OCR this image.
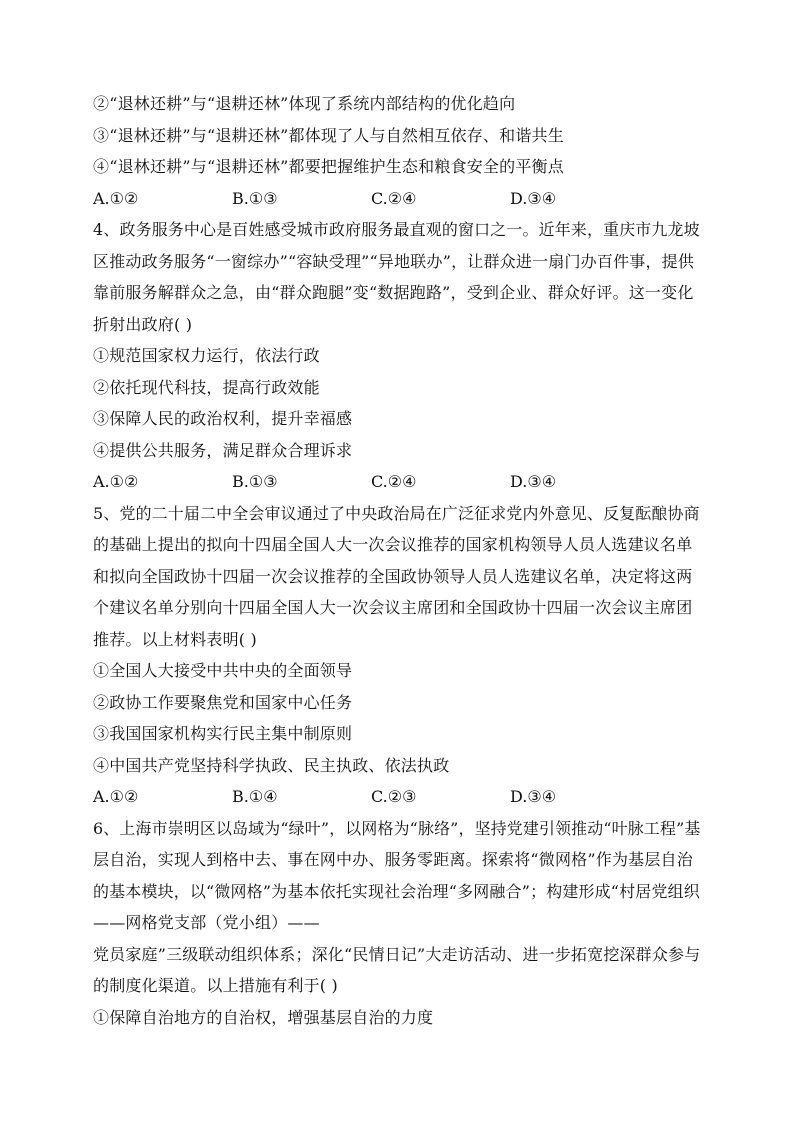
②“退林还耕”与“退耕还林”体现了系统内部结构的优化趋向
③“退林还耕”与“退耕还林”都体现了人与自然相互依存、和谐共生
④“退林还耕”与“退耕还林”都要把握维护生态和粮食安全的平衡点
A.①②	B.①③	C.②④	D.③④
4、政务服务中心是百姓感受城市政府服务最直观的窗口之一。近年来，重庆市九龙坡
区推动政务服务“一窗综办”“容缺受理”“异地联办”，让群众进一扇门办百件事，提供
靠前服务解群众之急，由“群众跑腿”变“数据跑路”，受到企业、群众好评。这一变化
折射出政府( )
①规范国家权力运行，依法行政
②依托现代科技，提高行政效能
③保障人民的政治权利，提升幸福感
④提供公共服务，满足群众合理诉求
A.①②	B.①③	C.②④	D.③④
5、党的二十届二中全会审议通过了中央政治局在广泛征求党内外意见、反复酝酿协商
的基础上提出的拟向十四届全国人大一次会议推荐的国家机构领导人员人选建议名单
和拟向全国政协十四届一次会议推荐的全国政协领导人员人选建议名单，决定将这两
个建议名单分别向十四届全国人大一次会议主席团和全国政协十四届一次会议主席团
推荐。以上材料表明( )
①全国人大接受中共中央的全面领导
②政协工作要聚焦党和国家中心任务
③我国国家机构实行民主集中制原则
④中国共产党坚持科学执政、民主执政、依法执政
A.①②	B.①④	C.②③	D.③④
6、上海市崇明区以岛域为“绿叶”，以网格为“脉络”，坚持党建引领推动“叶脉工程”基
层自治，实现人到格中去、事在网中办、服务零距离。探索将“微网格”作为基层自治
的基本模块，以“微网格”为基本依托实现社会治理“多网融合”；构建形成“村居党组织
——网格党支部（党小组）——
党员家庭”三级联动组织体系；深化“民情日记”大走访活动、进一步拓宽挖深群众参与
的制度化渠道。以上措施有利于( )
①保障自治地方的自治权，增强基层自治的力度
